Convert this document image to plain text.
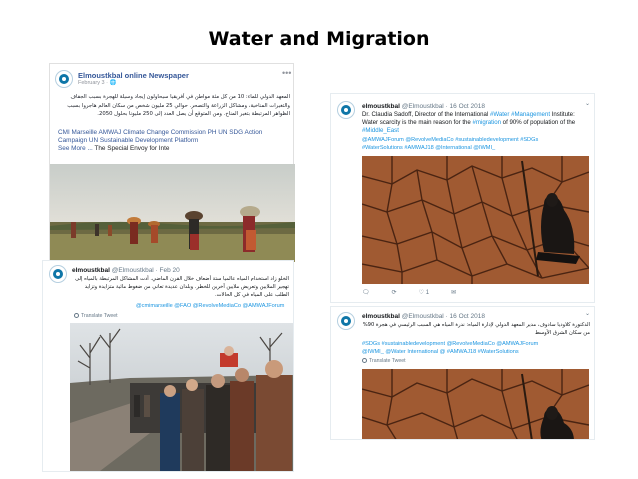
Water and Migration
Elmoustkbal online Newspaper
February 3 · 🌐
•••
المعهد الدولي للماء: 10 من كل مئة مواطن في أفريقيا سيحاولون إيجاد وسيلة للهجرة بسبب الجفاف والتغيرات المناخية، ومشاكل الزراعة والتصحر. حوالي 25 مليون شخص من سكان العالم هاجروا بسبب الظواهر المرتبطة بتغير المناخ. ومن المتوقع أن يصل العدد إلى 250 مليونا بحلول 2050.
CMI Marseille AMWAJ Climate Change Commission PH UN SDG Action
Campaign UN Sustainable Development Platform
See More ... The Special Envoy for Inte
elmoustkbal @Elmoustkbal · Feb 20
الخلو زاد استخدام المياه عالميا ستة أضعاف خلال القرن الماضي. أدت المشاكل المرتبطة بالمياه إلى تهجير الملايين وتعريض ملايين آخرين للخطر. وبلدان عديدة تعاني من ضغوط مائية متزايدة وتزايد الطلب على المياه في كل الحالات.
@cmimarseille @FAO @RevolveMediaCo @AMWAJForum
Translate Tweet
elmoustkbal @Elmoustkbal · 16 Oct 2018	⌄
Dr. Claudia Sadoff, Director of the International #Water #Management Institute: Water scarcity is the main reason for the #migration of 90% of population of the #Middle_East
@AMWAJForum @RevolveMediaCo #sustainabledevelopment #SDGs
#WaterSolutions #AMWAJ18 @International @IWMI_
🗨	⟳	♡ 1	✉
elmoustkbal @Elmoustkbal · 16 Oct 2018	⌄
الدكتورة كلاوديا سادوف، مدير المعهد الدولي لإدارة المياه: ندرة المياه هي السبب الرئيسي في هجرة 90% من سكان الشرق الأوسط
#SDGs #sustainabledevelopment @RevolveMediaCo @AMWAJForum
@IWMI_ @Water International @ #AMWAJ18 #WaterSolutions
Translate Tweet
